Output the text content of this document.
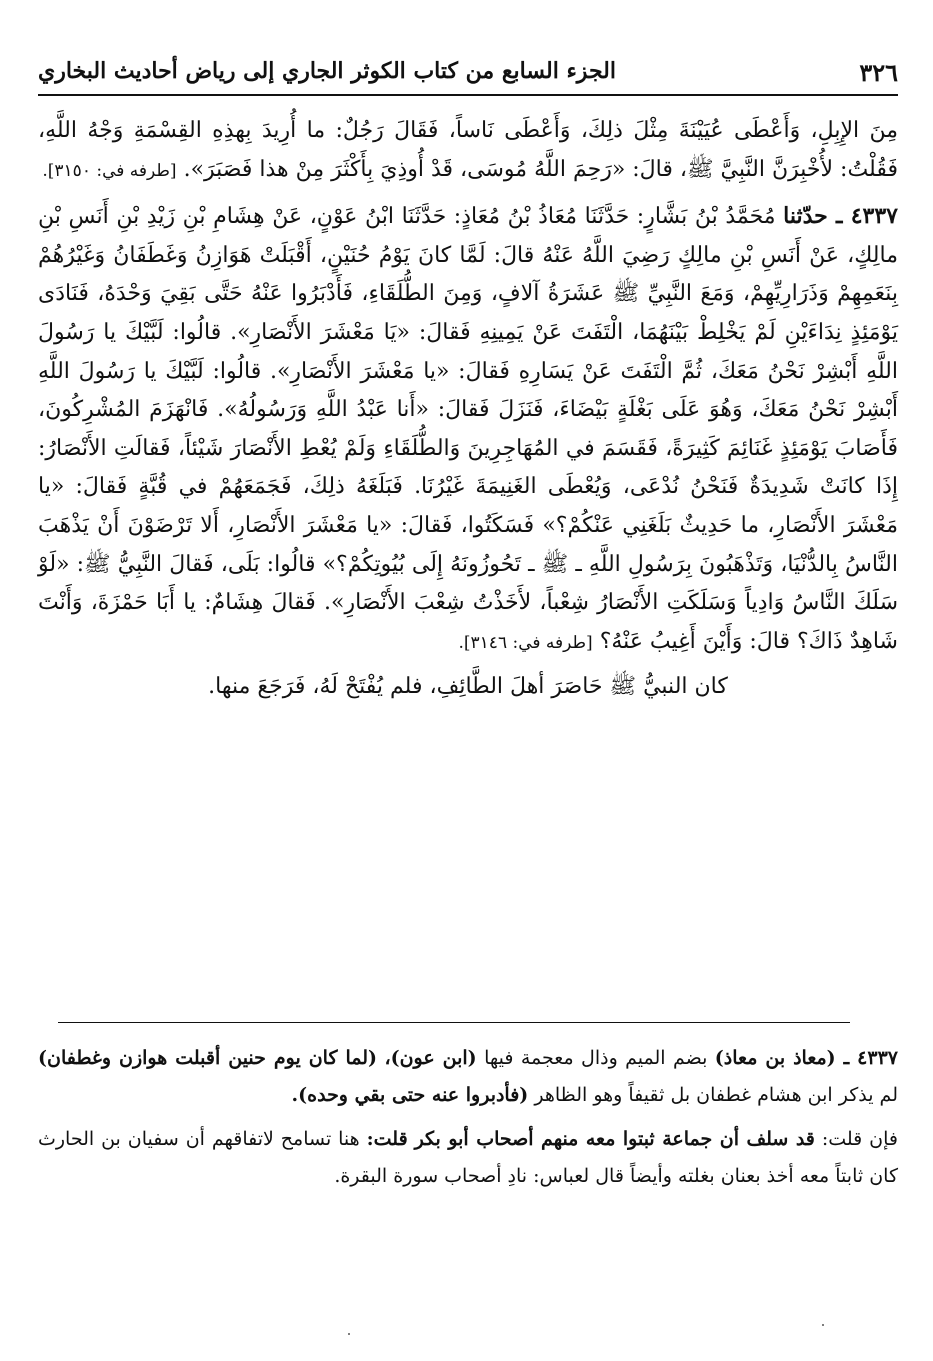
٣٢٦
الجزء السابع من كتاب الكوثر الجاري إلى رياض أحاديث البخاري

مِنَ الإِبِلِ، وَأَعْطَى عُيَيْنَةَ مِثْلَ ذلِكَ، وَأَعْطَى نَاساً، فَقَالَ رَجُلٌ: ما أُرِيدَ بِهذِهِ القِسْمَةِ وَجْهُ اللَّهِ، فَقُلْتُ: لأُخْبِرَنَّ النَّبِيَّ ﷺ، قالَ: «رَحِمَ اللَّهُ مُوسَى، قَدْ أُوذِيَ بِأَكْثَرَ مِنْ هذا فَصَبَرَ». [طرفه في: ٣١٥٠].

٤٣٣٧ ـ حدّثنا مُحَمَّدُ بْنُ بَشَّارٍ: حَدَّثَنَا مُعَاذُ بْنُ مُعَاذٍ: حَدَّثَنَا ابْنُ عَوْنٍ، عَنْ هِشَامِ بْنِ زَيْدِ بْنِ أَنَسِ بْنِ مالِكٍ، عَنْ أَنَسِ بْنِ مالِكٍ رَضِيَ اللَّهُ عَنْهُ قالَ: لَمَّا كانَ يَوْمُ حُنَيْنٍ، أَقْبَلَتْ هَوَازِنُ وَغَطَفَانُ وَغَيْرُهُمْ بِنَعَمِهِمْ وَذَرَارِيِّهِمْ، وَمَعَ النَّبِيِّ ﷺ عَشَرَةُ آلافٍ، وَمِنَ الطُّلَقَاءِ، فَأَدْبَرُوا عَنْهُ حَتَّى بَقِيَ وَحْدَهُ، فَنَادَى يَوْمَئِذٍ نِدَاءَيْنِ لَمْ يَخْلِطْ بَيْنَهُمَا، الْتَفَتَ عَنْ يَمِينِهِ فَقالَ: «يَا مَعْشَرَ الأَنْصَارِ». قالُوا: لَبَّيْكَ يا رَسُولَ اللَّهِ أَبْشِرْ نَحْنُ مَعَكَ، ثُمَّ الْتَفَتَ عَنْ يَسَارِهِ فَقالَ: «يا مَعْشَرَ الأَنْصَارِ». قالُوا: لَبَّيْكَ يا رَسُولَ اللَّهِ أَبْشِرْ نَحْنُ مَعَكَ، وَهُوَ عَلَى بَغْلَةٍ بَيْضَاءَ، فَنَزَلَ فَقالَ: «أَنا عَبْدُ اللَّهِ وَرَسُولُهُ». فَانْهَزَمَ المُشْرِكُونَ، فَأَصَابَ يَوْمَئِذٍ غَنَائِمَ كَثِيرَةً، فَقَسَمَ في المُهَاجِرِينَ وَالطُّلَقَاءِ وَلَمْ يُعْطِ الأَنْصَارَ شَيْئاً، فَقالَتِ الأَنْصَارُ: إِذَا كانَتْ شَدِيدَةٌ فَنَحْنُ نُدْعَى، وَيُعْطَى الغَنِيمَةَ غَيْرُنَا. فَبَلَغَهُ ذلِكَ، فَجَمَعَهُمْ في قُبَّةٍ فَقالَ: «يا مَعْشَرَ الأَنْصَارِ، ما حَدِيثٌ بَلَغَنِي عَنْكُمْ؟» فَسَكَتُوا، فَقالَ: «يا مَعْشَرَ الأَنْصَارِ، أَلا تَرْضَوْنَ أَنْ يَذْهَبَ النَّاسُ بِالدُّنْيَا، وَتَذْهَبُونَ بِرَسُولِ اللَّهِ ـ ﷺ ـ تَحُوزُونَهُ إِلَى بُيُوتِكُمْ؟» قالُوا: بَلَى، فَقالَ النَّبِيُّ ﷺ: «لَوْ سَلَكَ النَّاسُ وَادِياً وَسَلَكَتِ الأَنْصَارُ شِعْباً، لأَخَذْتُ شِعْبَ الأَنْصَارِ». فَقالَ هِشَامٌ: يا أَبَا حَمْزَةَ، وَأَنْتَ شَاهِدٌ ذَاكَ؟ قالَ: وَأَيْنَ أَغِيبُ عَنْهُ؟ [طرفه في: ٣١٤٦].

كان النبيُّ ﷺ حَاصَرَ أهلَ الطَّائِفِ، فلم يُفْتَحْ لَهُ، فَرَجَعَ منها.

٤٣٣٧ ـ (معاذ بن معاذ) بضم الميم وذال معجمة فيها (ابن عون)، (لما كان يوم حنين أقبلت هوازن وغطفان) لم يذكر ابن هشام غطفان بل ثقيفاً وهو الظاهر (فأدبروا عنه حتى بقي وحده).

فإن قلت: قد سلف أن جماعة ثبتوا معه منهم أصحاب أبو بكر قلت: هنا تسامح لاتفاقهم أن سفيان بن الحارث كان ثابتاً معه أخذ بعنان بغلته وأيضاً قال لعباس: نادِ أصحاب سورة البقرة.
